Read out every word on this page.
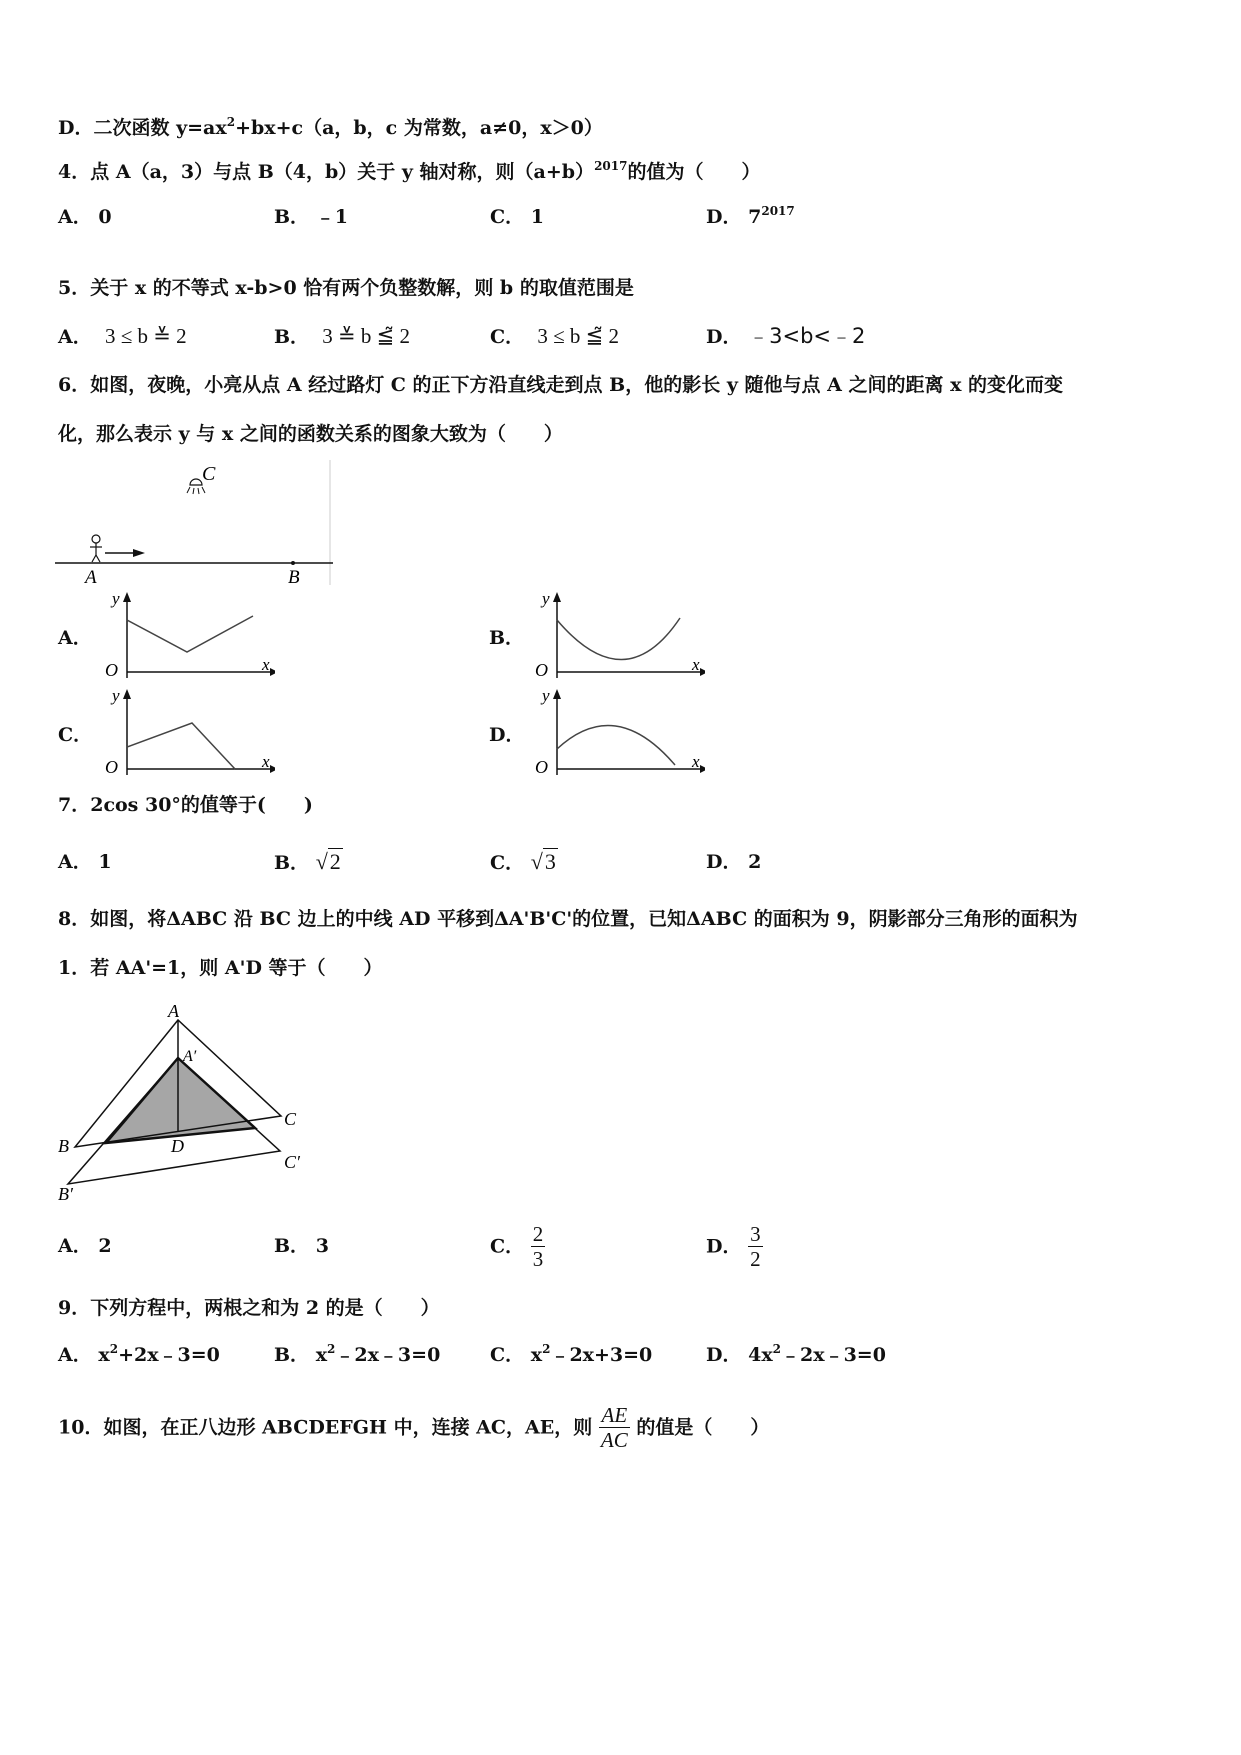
D．二次函数 $y=ax^2+bx+c(a$，b，c 为常数，a≠0，x＞0）
4．点 A（a，3）与点 B（4，b）关于 y 轴对称，则$(a+b)^{2017}$的值为（　　）
A． 0	B． ﹣1	C． 1	D． $7^{2017}$
5．关于 x 的不等式 x-b>0 恰有两个负整数解，则 b 的取值范围是
A． 3 ≤ b ≚ 2	B． 3 ≚ b ≦̃ 2	C． 3 ≤ b ≦̃ 2	D． ﹣3<b<﹣2
6．如图，夜晚，小亮从点 A 经过路灯 C 的正下方沿直线走到点 B，他的影长 y 随他与点 A 之间的距离 x 的变化而变
化，那么表示 y 与 x 之间的函数关系的图象大致为（　　）
C
A	B
A．
y
O	x
B．
y
O	x
C．
y
O	x
D．
y
O	x
7．2cos 30°的值等于(　　)
A． 1	B． √2	C． √3	D． 2
8．如图，将ΔABC 沿 BC 边上的中线 AD 平移到ΔA'B'C'的位置，已知ΔABC 的面积为 9，阴影部分三角形的面积为
1．若 AA'=1，则 A'D 等于（　　）
A
A′
B
C
D
B′
C′
A． 2	B． 3	C． $\frac{2}{3}$	D． $\frac{3}{2}$
9．下列方程中，两根之和为 2 的是（　　）
A． $x^2+2x﹣3=0$	B． $x^2﹣2x﹣3=0$	C． $x^2﹣2x+3=0$	D． $4x^2﹣2x﹣3=0$
10．如图，在正八边形 ABCDEFGH 中，连接 AC，AE，则 $\frac{AE}{AC}$ 的值是（　　）
